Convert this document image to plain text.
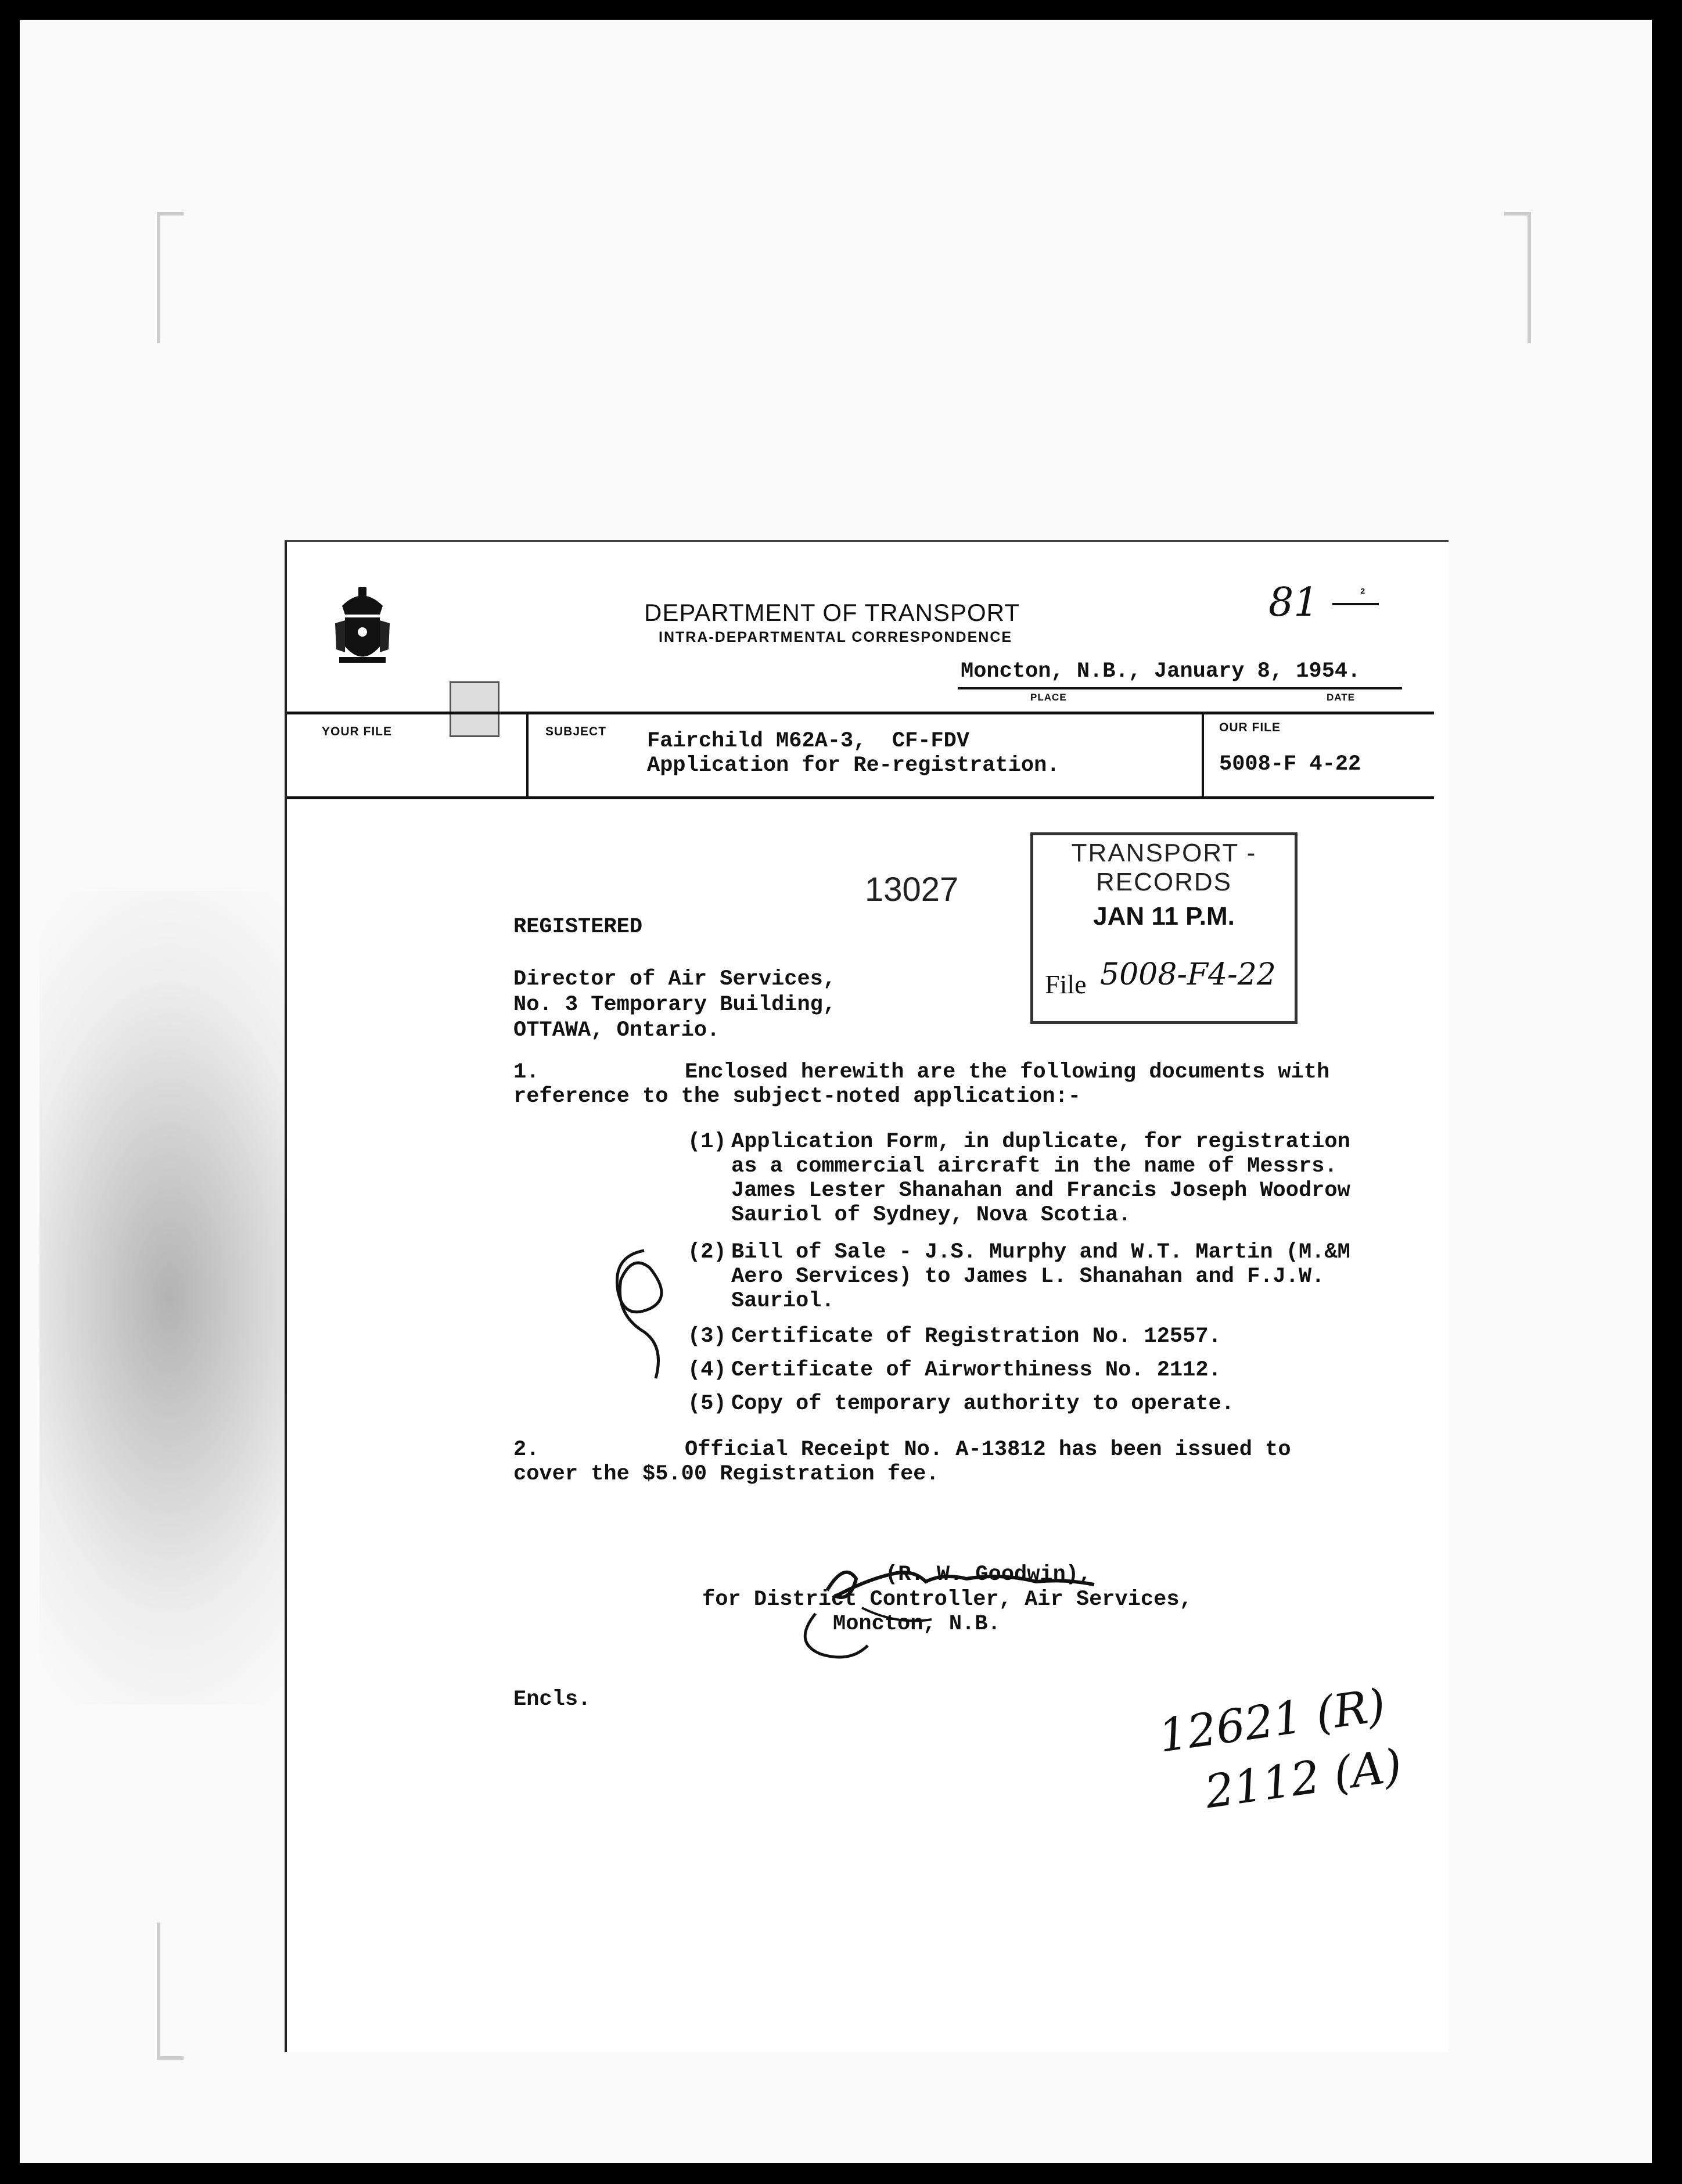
DEPARTMENT OF TRANSPORT
INTRA-DEPARTMENTAL CORRESPONDENCE
81	2
Moncton, N.B., January 8, 1954.
PLACE	DATE
YOUR FILE	SUBJECT Fairchild M62A-3,  CF-FDV
Application for Re-registration.
OUR FILE
5008-F 4-22
TRANSPORT - RECORDS
JAN 11 P.M.
File 5008-F4-22
13027
REGISTERED
Director of Air Services,
No. 3 Temporary Building,
OTTAWA, Ontario.
1.	Enclosed herewith are the following documents with
reference to the subject-noted application:-
(1) Application Form, in duplicate, for registration
as a commercial aircraft in the name of Messrs.
James Lester Shanahan and Francis Joseph Woodrow
Sauriol of Sydney, Nova Scotia.
(2) Bill of Sale - J.S. Murphy and W.T. Martin (M.&M
Aero Services) to James L. Shanahan and F.J.W.
Sauriol.
(3) Certificate of Registration No. 12557.
(4) Certificate of Airworthiness No. 2112.
(5) Copy of temporary authority to operate.
2.	Official Receipt No. A-13812 has been issued to
cover the $5.00 Registration fee.
(R. W. Goodwin),
for District Controller, Air Services,
Moncton, N.B.
Encls.	12621 (R)
2112 (A)
